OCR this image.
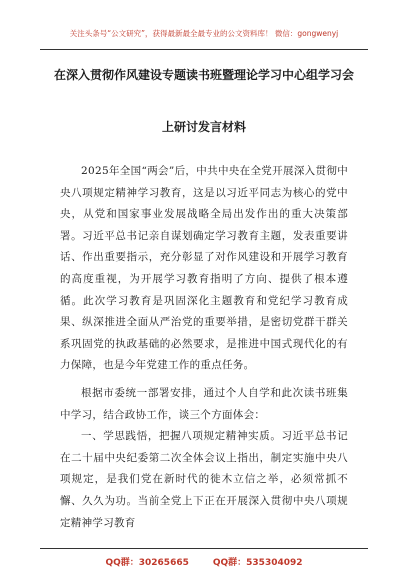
关注头条号“公文研究”，获得最新最全最专业的公文资料库！ 微信：gongwenyj
在深入贯彻作风建设专题读书班暨理论学习中心组学习会
上研讨发言材料

2025年全国“两会”后，中共中央在全党开展深入贯彻中央八项规定精神学习教育，这是以习近平同志为核心的党中央，从党和国家事业发展战略全局出发作出的重大决策部署。习近平总书记亲自谋划确定学习教育主题，发表重要讲话、作出重要指示，充分彰显了对作风建设和开展学习教育的高度重视，为开展学习教育指明了方向、提供了根本遵循。此次学习教育是巩固深化主题教育和党纪学习教育成果、纵深推进全面从严治党的重要举措，是密切党群干群关系巩固党的执政基础的必然要求，是推进中国式现代化的有力保障，也是今年党建工作的重点任务。

根据市委统一部署安排，通过个人自学和此次读书班集中学习，结合政协工作，谈三个方面体会：

一、学思践悟，把握八项规定精神实质。习近平总书记在二十届中央纪委第二次全体会议上指出，制定实施中央八项规定，是我们党在新时代的徙木立信之举，必须常抓不懈、久久为功。当前全党上下正在开展深入贯彻中央八项规定精神学习教育

QQ群：30265665	QQ群：535304092
